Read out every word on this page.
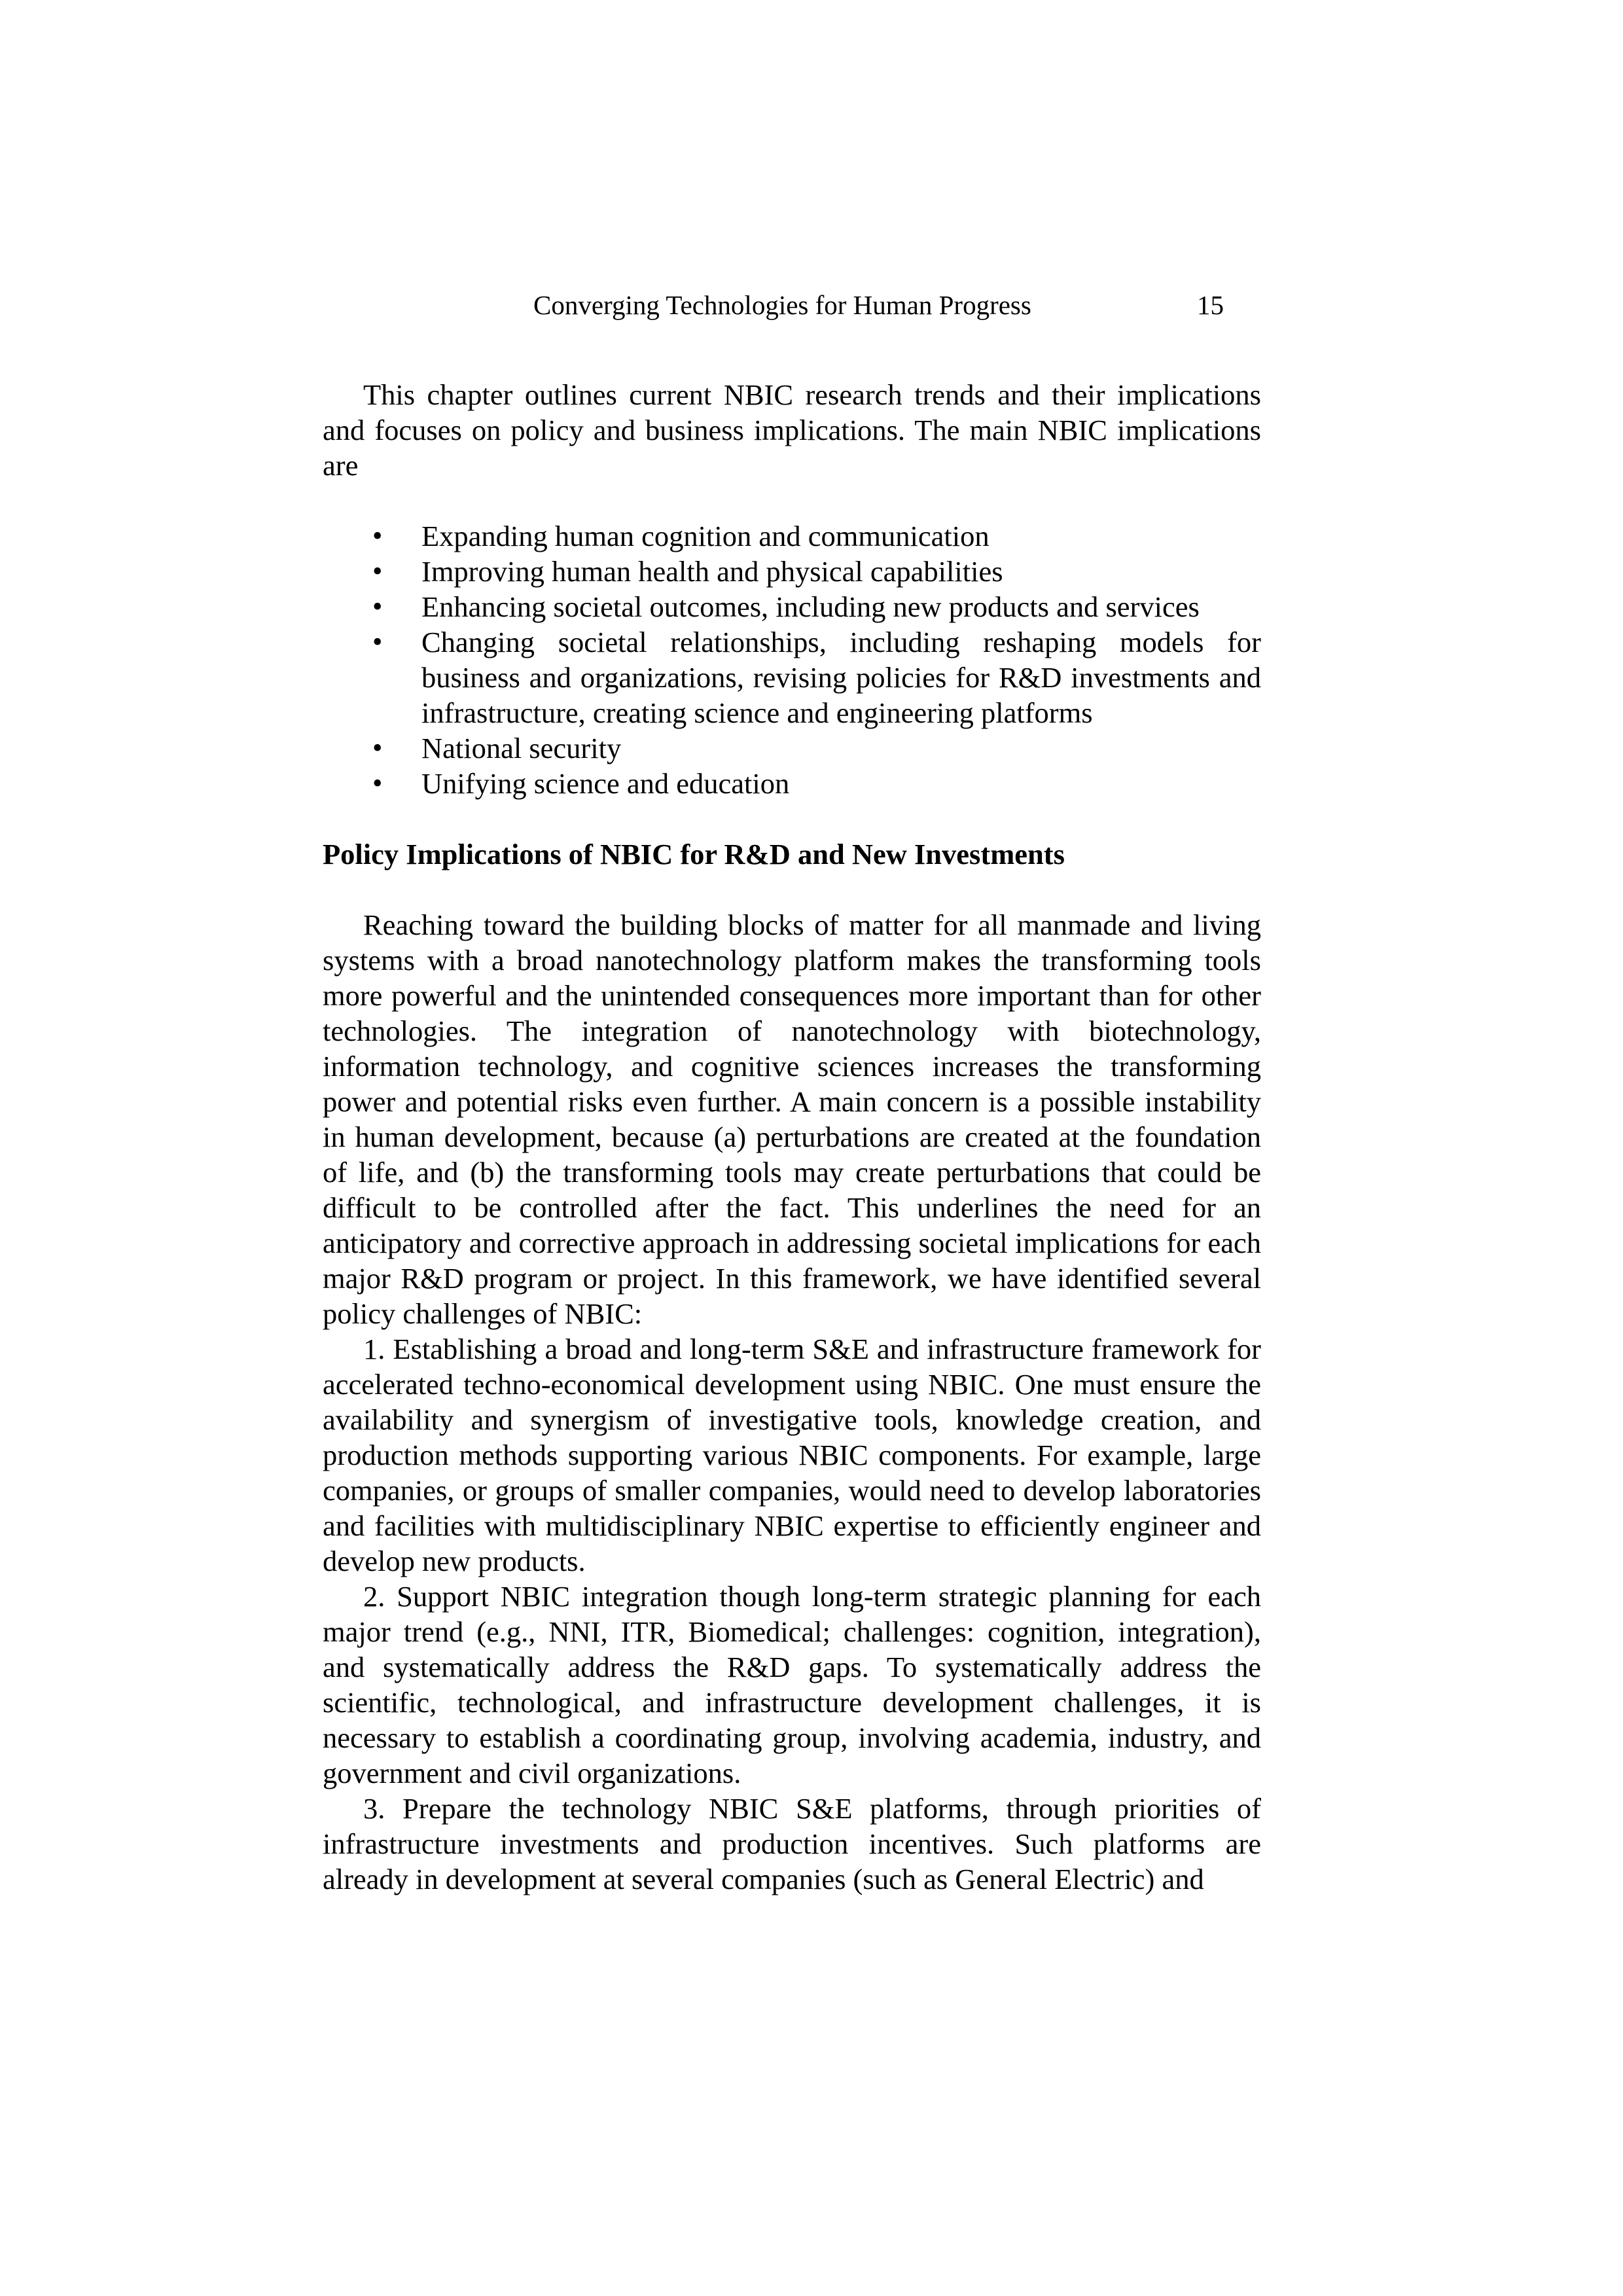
Converging Technologies for Human Progress	15

This chapter outlines current NBIC research trends and their implications and focuses on policy and business implications. The main NBIC implications are

• Expanding human cognition and communication
• Improving human health and physical capabilities
• Enhancing societal outcomes, including new products and services
• Changing societal relationships, including reshaping models for business and organizations, revising policies for R&D investments and infrastructure, creating science and engineering platforms
• National security
• Unifying science and education
Policy Implications of NBIC for R&D and New Investments

Reaching toward the building blocks of matter for all manmade and living systems with a broad nanotechnology platform makes the transforming tools more powerful and the unintended consequences more important than for other technologies. The integration of nanotechnology with biotechnology, information technology, and cognitive sciences increases the transforming power and potential risks even further. A main concern is a possible instability in human development, because (a) perturbations are created at the foundation of life, and (b) the transforming tools may create perturbations that could be difficult to be controlled after the fact. This underlines the need for an anticipatory and corrective approach in addressing societal implications for each major R&D program or project. In this framework, we have identified several policy challenges of NBIC:

1. Establishing a broad and long-term S&E and infrastructure framework for accelerated techno-economical development using NBIC. One must ensure the availability and synergism of investigative tools, knowledge creation, and production methods supporting various NBIC components. For example, large companies, or groups of smaller companies, would need to develop laboratories and facilities with multidisciplinary NBIC expertise to efficiently engineer and develop new products.

2. Support NBIC integration though long-term strategic planning for each major trend (e.g., NNI, ITR, Biomedical; challenges: cognition, integration), and systematically address the R&D gaps. To systematically address the scientific, technological, and infrastructure development challenges, it is necessary to establish a coordinating group, involving academia, industry, and government and civil organizations.

3. Prepare the technology NBIC S&E platforms, through priorities of infrastructure investments and production incentives. Such platforms are already in development at several companies (such as General Electric) and
